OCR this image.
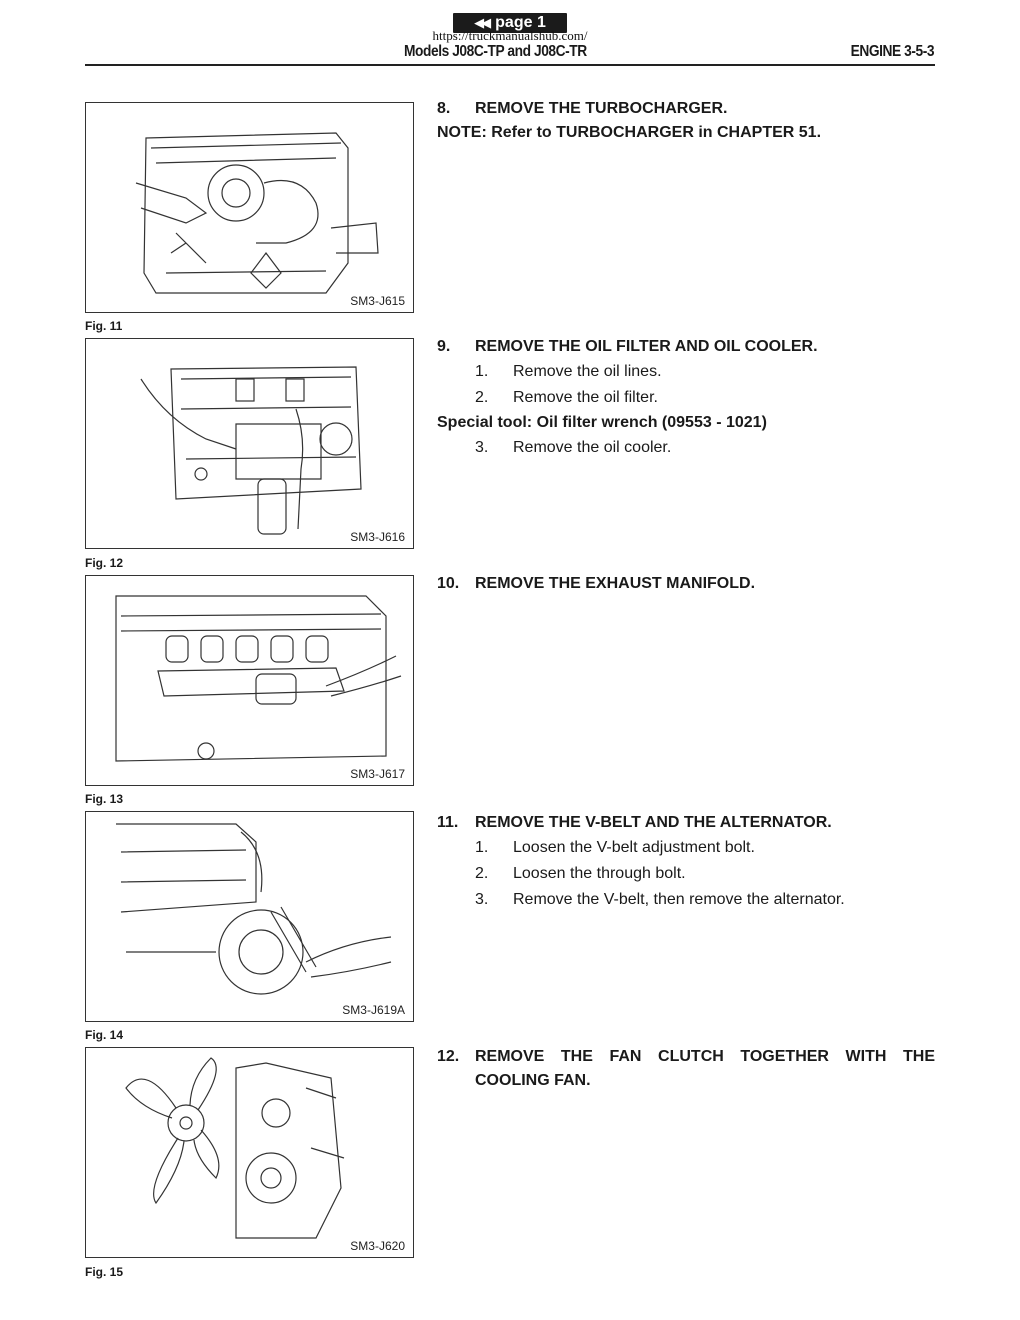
◀◀ page 1
https://truckmanualshub.com/
Models J08C-TP and J08C-TR	ENGINE 3-5-3
SM3-J615
Fig. 11
SM3-J616
Fig. 12
SM3-J617
Fig. 13
SM3-J619A
Fig. 14
SM3-J620
Fig. 15
8.	REMOVE THE TURBOCHARGER.
NOTE: Refer to TURBOCHARGER in CHAPTER 51.
9.	REMOVE THE OIL FILTER AND OIL COOLER.
1.	Remove the oil lines.
2.	Remove the oil filter.
Special tool: Oil filter wrench (09553 - 1021)
3.	Remove the oil cooler.
10. REMOVE THE EXHAUST MANIFOLD.
11.	REMOVE THE V-BELT AND THE ALTERNATOR.
1.	Loosen the V-belt adjustment bolt.
2.	Loosen the through bolt.
3.	Remove the V-belt, then remove the alternator.
12. REMOVE THE FAN CLUTCH TOGETHER WITH THE COOLING FAN.
